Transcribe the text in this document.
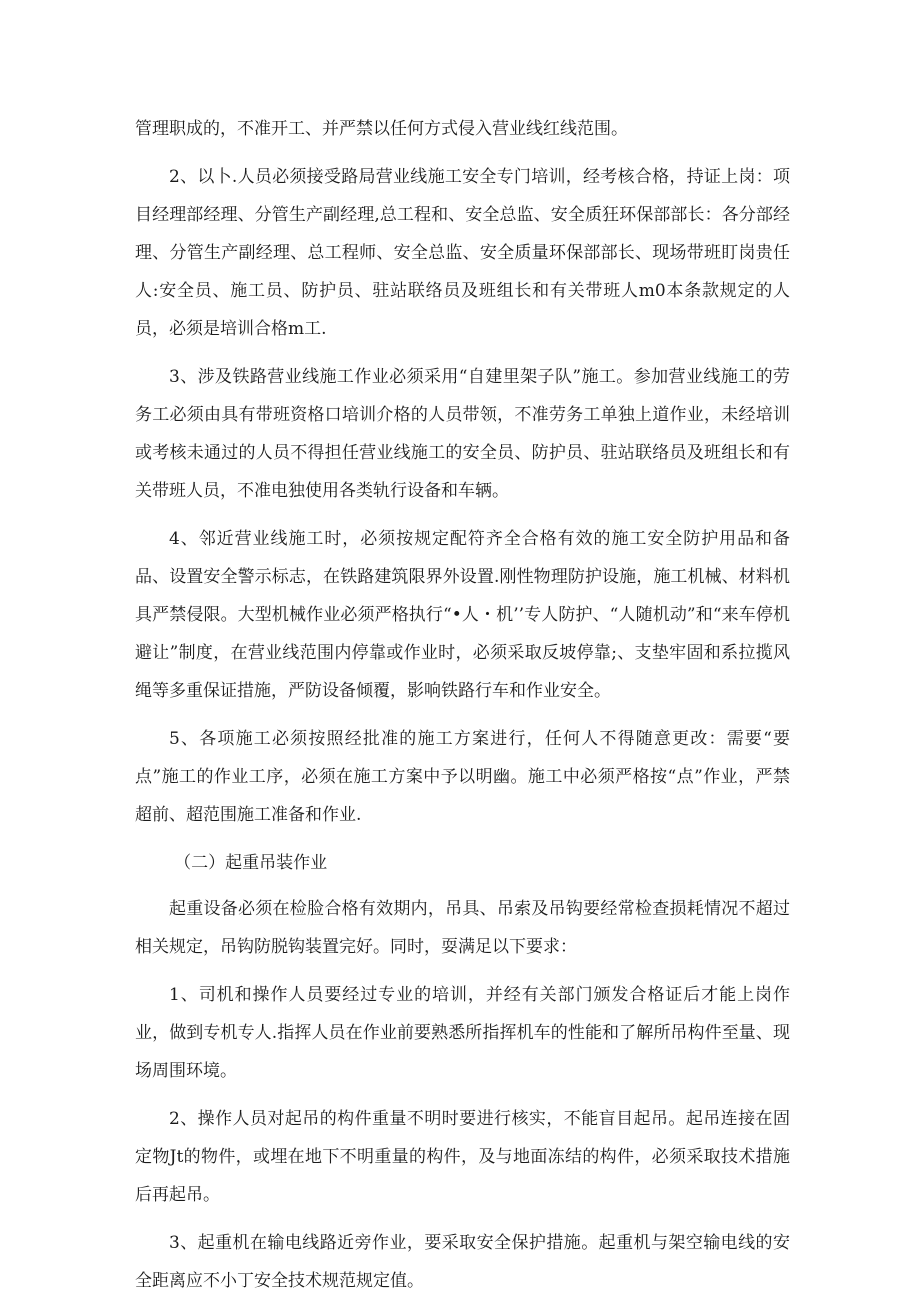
管理职成的，不准开工、并严禁以任何方式侵入营业线红线范围。

2、以卜.人员必须接受路局营业线施工安全专门培训，经考核合格，持证上岗：项目经理部经理、分管生产副经理,总工程和、安全总监、安全质狂环保部部长：各分部经理、分管生产副经理、总工程师、安全总监、安全质量环保部部长、现场带班盯岗贵任人:安全员、施工员、防护员、驻站联络员及班组长和有关带班人m0本条款规定的人员，必须是培训合格m工.

3、涉及铁路营业线施工作业必须采用“自建里架子队”施工。参加营业线施工的劳务工必须由具有带班资格口培训介格的人员带领，不准劳务工单独上道作业，未经培训或考核未通过的人员不得担任营业线施工的安全员、防护员、驻站联络员及班组长和有关带班人员，不准电独使用各类轨行设备和车辆。

4、邻近营业线施工时，必须按规定配符齐全合格有效的施工安全防护用品和备品、设置安全警示标志，在铁路建筑限界外设置.刚性物理防护设施，施工机械、材料机具严禁侵限。大型机械作业必须严格执行“•人・机’’专人防护、“人随机动”和“来车停机避让”制度，在营业线范围内停靠或作业时，必须采取反坡停靠;、支垫牢固和系拉揽风绳等多重保证措施，严防设备倾覆，影响铁路行车和作业安全。

5、各项施工必须按照经批准的施工方案进行，任何人不得随意更改：需要“要点”施工的作业工序，必须在施工方案中予以明幽。施工中必须严格按“点”作业，严禁超前、超范围施工准备和作业.

（二）起重吊装作业

起重设备必须在检脸合格有效期内，吊具、吊索及吊钩要经常检查损耗情况不超过相关规定，吊钩防脱钩装置完好。同时，耍满足以下要求：

1、司机和操作人员要经过专业的培训，并经有关部门颁发合格证后才能上岗作业，做到专机专人.指挥人员在作业前要熟悉所指挥机车的性能和了解所吊构件至量、现场周围环境。

2、操作人员对起吊的构件重量不明时要进行核实，不能盲目起吊。起吊连接在固定物Jt的物件，或埋在地下不明重量的构件，及与地面冻结的构件，必须采取技术措施后再起吊。

3、起重机在输电线路近旁作业，要采取安全保护措施。起重机与架空输电线的安全距离应不小丁安全技术规范规定值。
